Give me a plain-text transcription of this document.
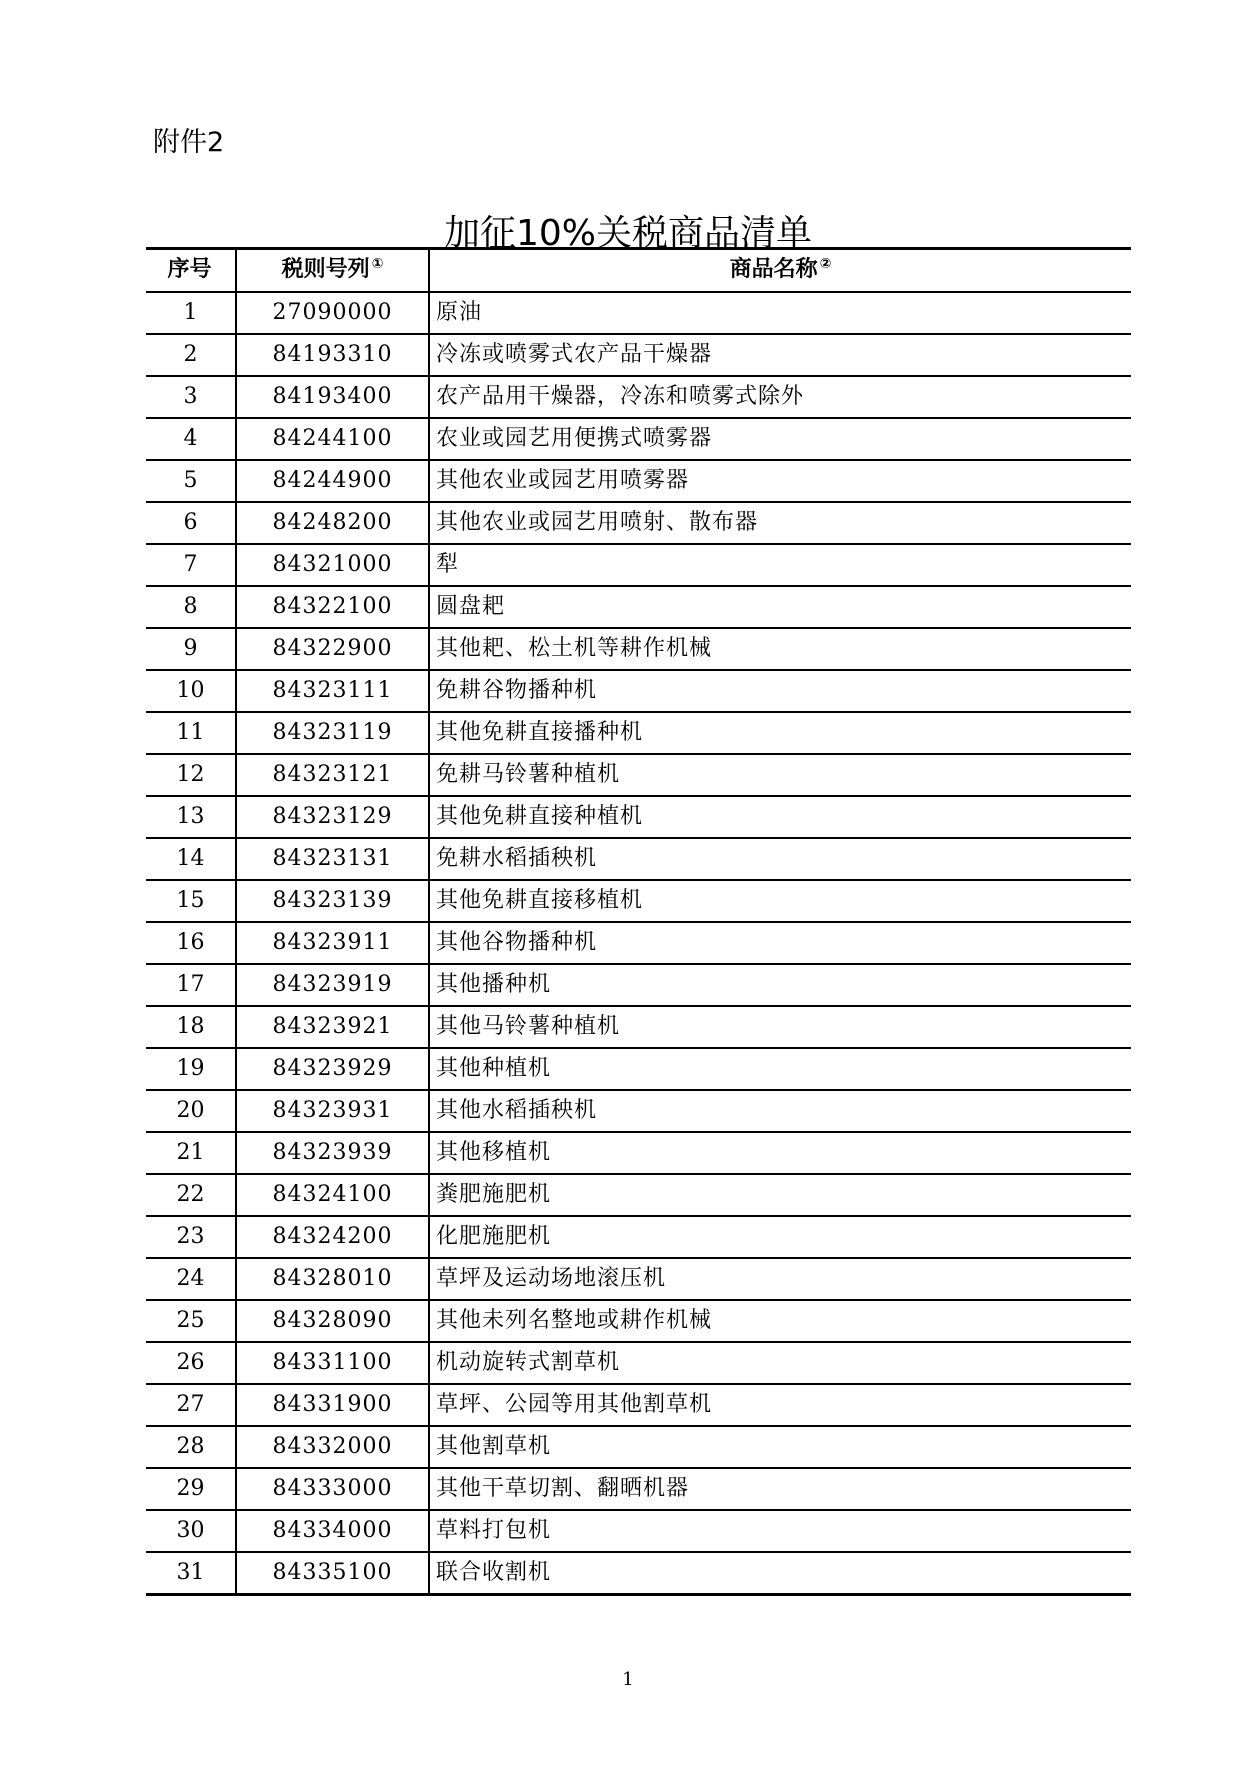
附件2
加征10%关税商品清单
序号	税则号列 ①	商品名称 ②
1	27090000	原油
2	84193310	冷冻或喷雾式农产品干燥器
3	84193400	农产品用干燥器，冷冻和喷雾式除外
4	84244100	农业或园艺用便携式喷雾器
5	84244900	其他农业或园艺用喷雾器
6	84248200	其他农业或园艺用喷射、散布器
7	84321000	犁
8	84322100	圆盘耙
9	84322900	其他耙、松土机等耕作机械
10	84323111	免耕谷物播种机
11	84323119	其他免耕直接播种机
12	84323121	免耕马铃薯种植机
13	84323129	其他免耕直接种植机
14	84323131	免耕水稻插秧机
15	84323139	其他免耕直接移植机
16	84323911	其他谷物播种机
17	84323919	其他播种机
18	84323921	其他马铃薯种植机
19	84323929	其他种植机
20	84323931	其他水稻插秧机
21	84323939	其他移植机
22	84324100	粪肥施肥机
23	84324200	化肥施肥机
24	84328010	草坪及运动场地滚压机
25	84328090	其他未列名整地或耕作机械
26	84331100	机动旋转式割草机
27	84331900	草坪、公园等用其他割草机
28	84332000	其他割草机
29	84333000	其他干草切割、翻晒机器
30	84334000	草料打包机
31	84335100	联合收割机
1
